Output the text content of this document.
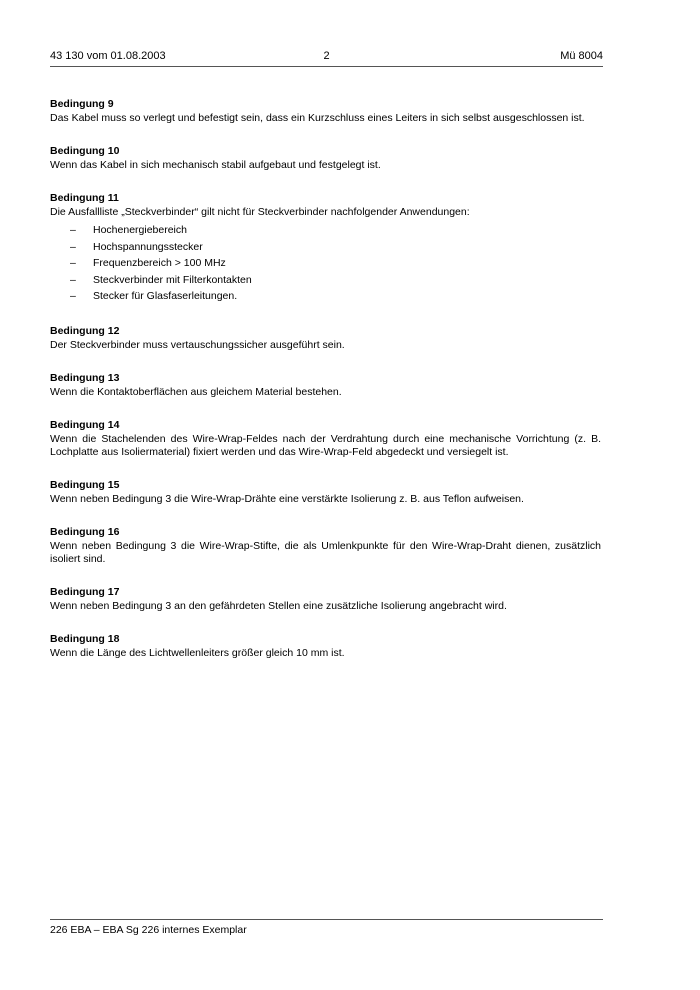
43 130 vom 01.08.2003	2	Mü 8004
Bedingung 9

Das Kabel muss so verlegt und befestigt sein, dass ein Kurzschluss eines Leiters in sich selbst ausgeschlossen ist.

Bedingung 10

Wenn das Kabel in sich mechanisch stabil aufgebaut und festgelegt ist.

Bedingung 11

Die Ausfallliste „Steckverbinder“ gilt nicht für Steckverbinder nachfolgender Anwendungen:

– Hochenergiebereich
– Hochspannungsstecker
– Frequenzbereich > 100 MHz
– Steckverbinder mit Filterkontakten
– Stecker für Glasfaserleitungen.
Bedingung 12

Der Steckverbinder muss vertauschungssicher ausgeführt sein.

Bedingung 13

Wenn die Kontaktoberflächen aus gleichem Material bestehen.

Bedingung 14

Wenn die Stachelenden des Wire-Wrap-Feldes nach der Verdrahtung durch eine mechanische Vorrichtung (z. B. Lochplatte aus Isoliermaterial) fixiert werden und das Wire-Wrap-Feld abgedeckt und versiegelt ist.

Bedingung 15

Wenn neben Bedingung 3 die Wire-Wrap-Drähte eine verstärkte Isolierung z. B. aus Teflon aufweisen.

Bedingung 16

Wenn neben Bedingung 3 die Wire-Wrap-Stifte, die als Umlenkpunkte für den Wire-Wrap-Draht dienen, zusätzlich isoliert sind.

Bedingung 17

Wenn neben Bedingung 3 an den gefährdeten Stellen eine zusätzliche Isolierung angebracht wird.

Bedingung 18

Wenn die Länge des Lichtwellenleiters größer gleich 10 mm ist.

226 EBA – EBA Sg 226 internes Exemplar
